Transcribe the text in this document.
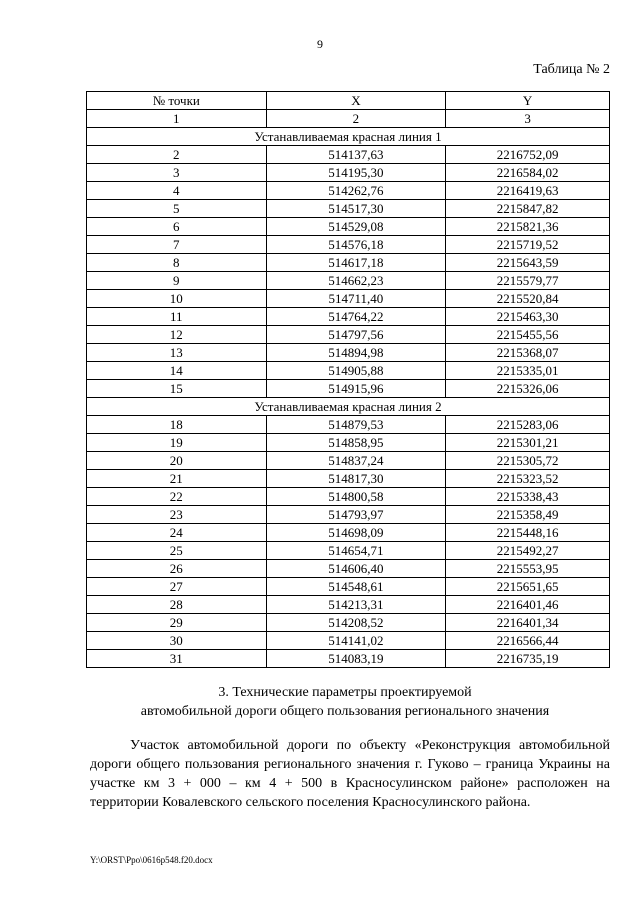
9
Таблица № 2
№ точки	X	Y
1	2	3
Устанавливаемая красная линия 1		
2	514137,63	2216752,09
3	514195,30	2216584,02
4	514262,76	2216419,63
5	514517,30	2215847,82
6	514529,08	2215821,36
7	514576,18	2215719,52
8	514617,18	2215643,59
9	514662,23	2215579,77
10	514711,40	2215520,84
11	514764,22	2215463,30
12	514797,56	2215455,56
13	514894,98	2215368,07
14	514905,88	2215335,01
15	514915,96	2215326,06
Устанавливаемая красная линия 2		
18	514879,53	2215283,06
19	514858,95	2215301,21
20	514837,24	2215305,72
21	514817,30	2215323,52
22	514800,58	2215338,43
23	514793,97	2215358,49
24	514698,09	2215448,16
25	514654,71	2215492,27
26	514606,40	2215553,95
27	514548,61	2215651,65
28	514213,31	2216401,46
29	514208,52	2216401,34
30	514141,02	2216566,44
31	514083,19	2216735,19
3. Технические параметры проектируемой
автомобильной дороги общего пользования регионального значения
Участок автомобильной дороги по объекту «Реконструкция автомобильной дороги общего пользования регионального значения г. Гуково – граница Украины на участке км 3 + 000 – км 4 + 500 в Красносулинском районе» расположен на территории Ковалевского сельского поселения Красносулинского района.
Y:\ORST\Ppo\0616p548.f20.docx
